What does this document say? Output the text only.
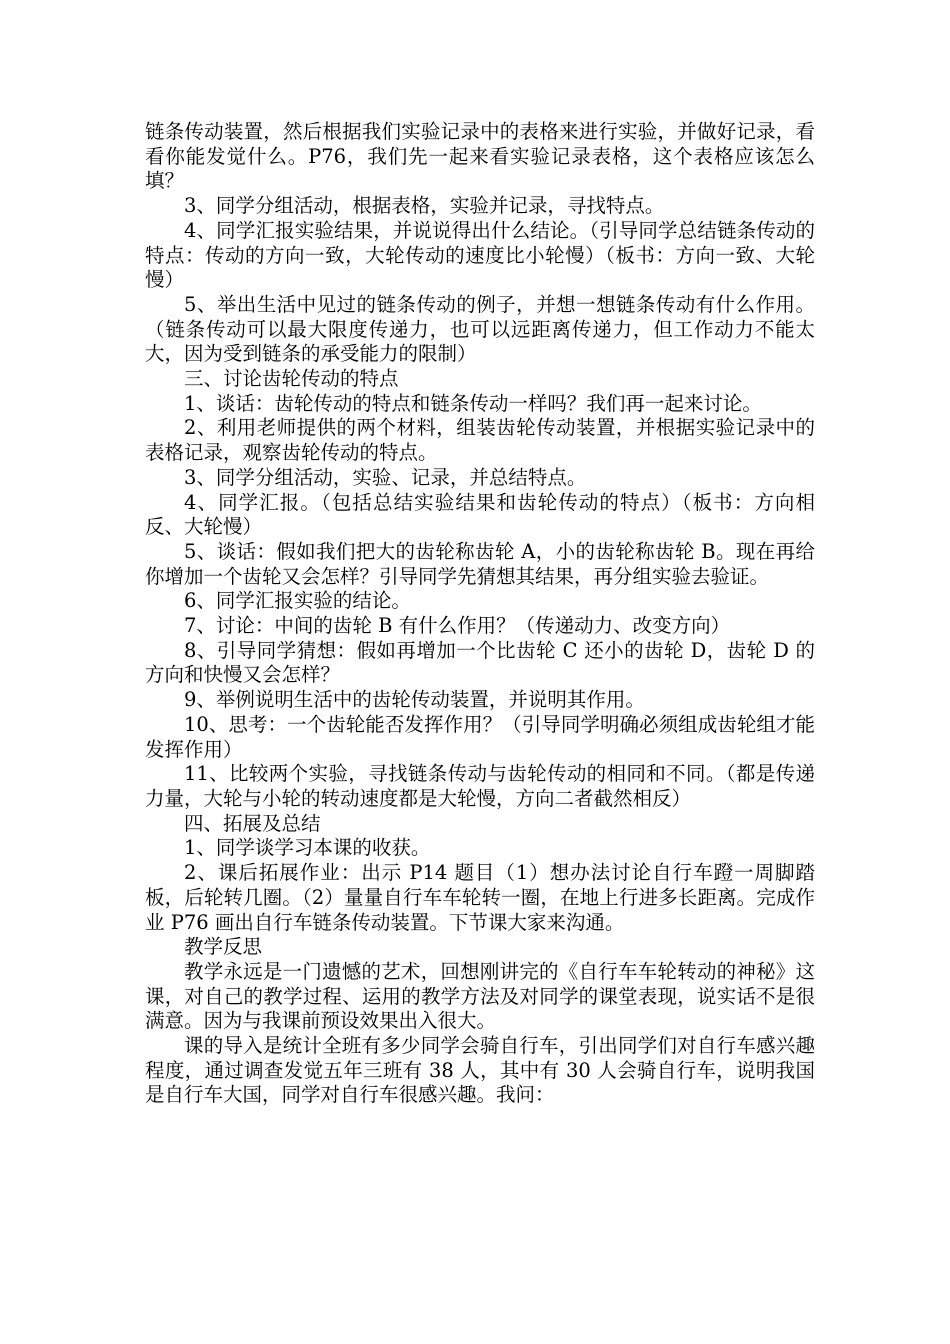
链条传动装置，然后根据我们实验记录中的表格来进行实验，并做好记录，看看你能发觉什么。P76，我们先一起来看实验记录表格，这个表格应该怎么填？

3、同学分组活动，根据表格，实验并记录，寻找特点。

4、同学汇报实验结果，并说说得出什么结论。（引导同学总结链条传动的特点：传动的方向一致，大轮传动的速度比小轮慢）（板书：方向一致、大轮慢）

5、举出生活中见过的链条传动的例子，并想一想链条传动有什么作用。（链条传动可以最大限度传递力，也可以远距离传递力，但工作动力不能太大，因为受到链条的承受能力的限制）

三、讨论齿轮传动的特点

1、谈话：齿轮传动的特点和链条传动一样吗？我们再一起来讨论。

2、利用老师提供的两个材料，组装齿轮传动装置，并根据实验记录中的表格记录，观察齿轮传动的特点。

3、同学分组活动，实验、记录，并总结特点。

4、同学汇报。（包括总结实验结果和齿轮传动的特点）（板书：方向相反、大轮慢）

5、谈话：假如我们把大的齿轮称齿轮 A，小的齿轮称齿轮 B。现在再给你增加一个齿轮又会怎样？引导同学先猜想其结果，再分组实验去验证。

6、同学汇报实验的结论。

7、讨论：中间的齿轮 B 有什么作用？（传递动力、改变方向）

8、引导同学猜想：假如再增加一个比齿轮 C 还小的齿轮 D，齿轮 D 的方向和快慢又会怎样？

9、举例说明生活中的齿轮传动装置，并说明其作用。

10、思考：一个齿轮能否发挥作用？（引导同学明确必须组成齿轮组才能发挥作用）

11、比较两个实验，寻找链条传动与齿轮传动的相同和不同。（都是传递力量，大轮与小轮的转动速度都是大轮慢，方向二者截然相反）

四、拓展及总结

1、同学谈学习本课的收获。

2、课后拓展作业：出示 P14 题目（1）想办法讨论自行车蹬一周脚踏板，后轮转几圈。（2）量量自行车车轮转一圈，在地上行进多长距离。完成作业 P76 画出自行车链条传动装置。下节课大家来沟通。

教学反思

教学永远是一门遗憾的艺术，回想刚讲完的《自行车车轮转动的神秘》这课，对自己的教学过程、运用的教学方法及对同学的课堂表现，说实话不是很满意。因为与我课前预设效果出入很大。

课的导入是统计全班有多少同学会骑自行车，引出同学们对自行车感兴趣程度，通过调查发觉五年三班有 38 人，其中有 30 人会骑自行车，说明我国是自行车大国，同学对自行车很感兴趣。我问：
